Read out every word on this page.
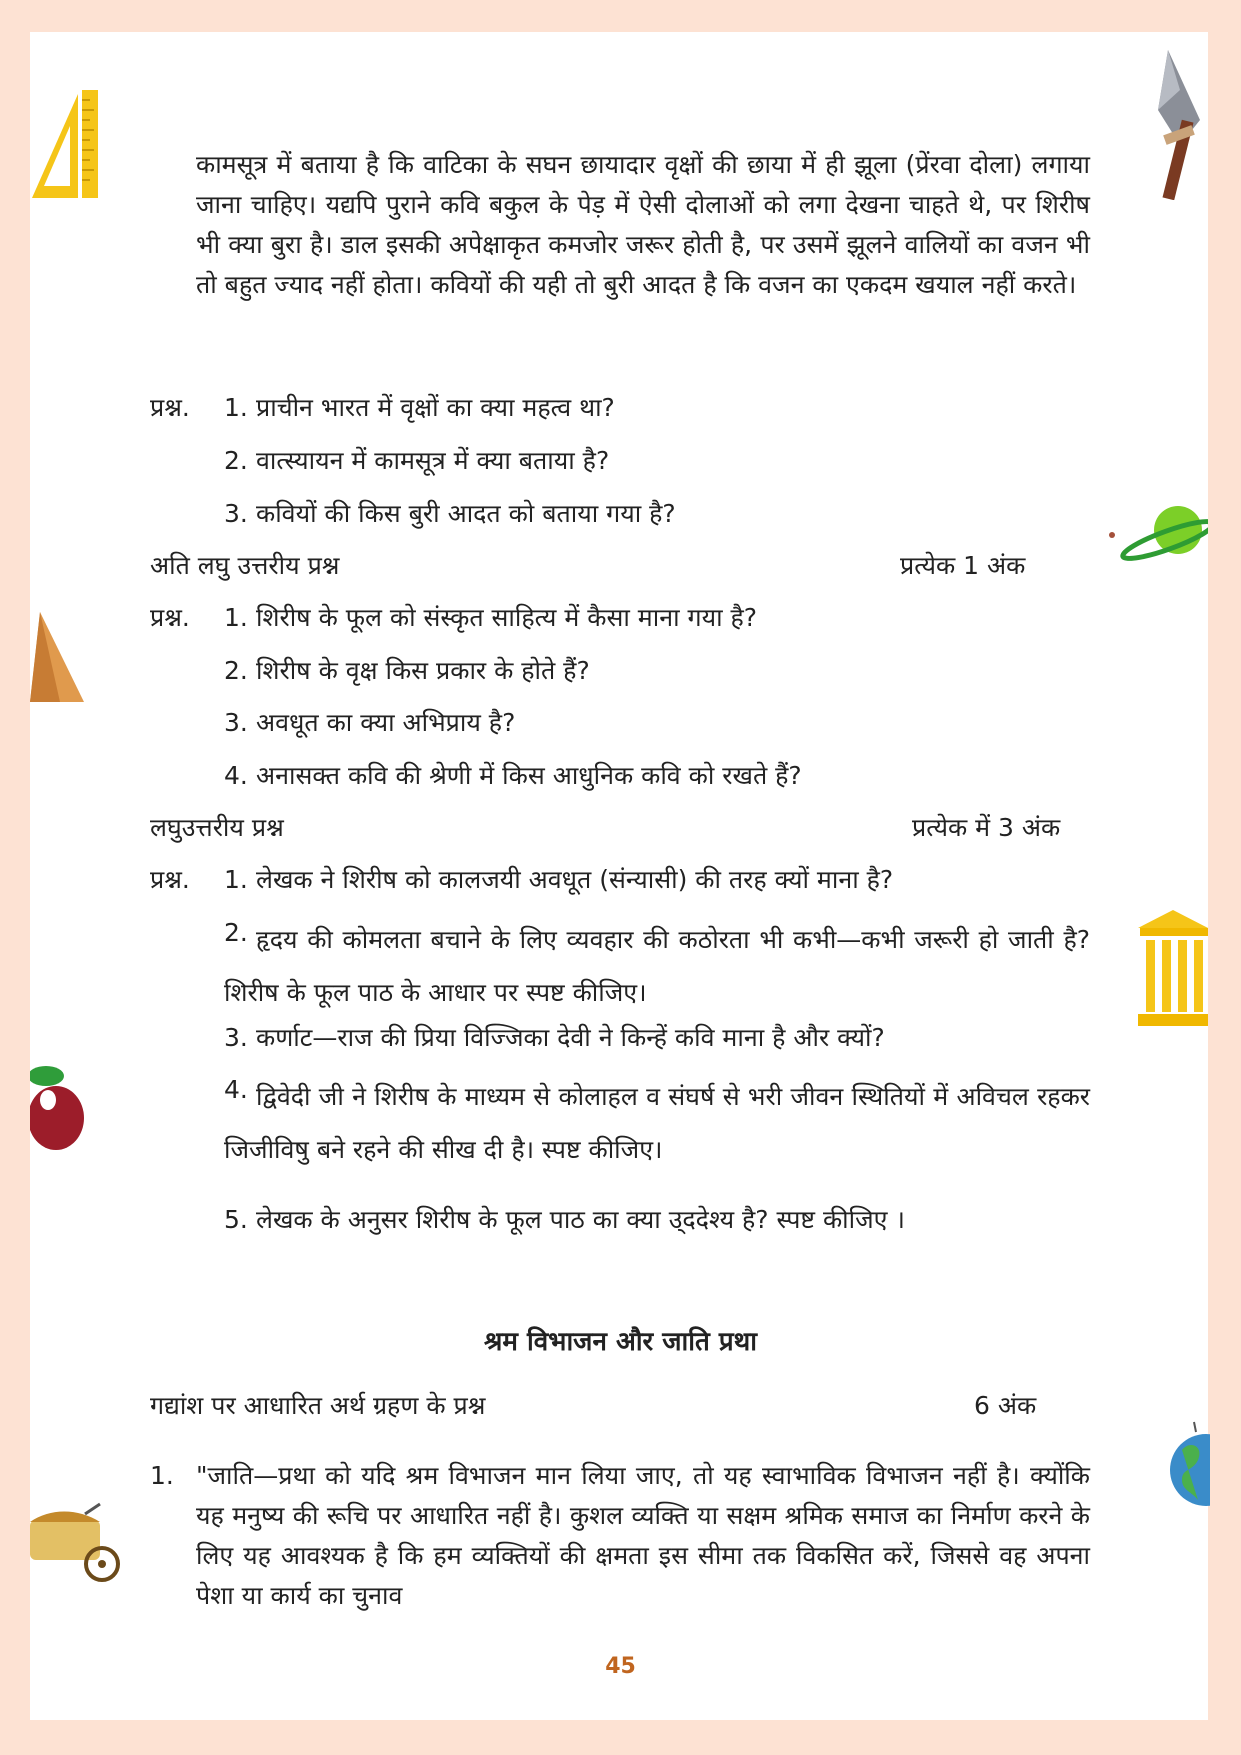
कामसूत्र में बताया है कि वाटिका के सघन छायादार वृक्षों की छाया में ही झूला (प्रेंरवा दोला) लगाया जाना चाहिए। यद्यपि पुराने कवि बकुल के पेड़ में ऐसी दोलाओं को लगा देखना चाहते थे, पर शिरीष भी क्या बुरा है। डाल इसकी अपेक्षाकृत कमजोर जरूर होती है, पर उसमें झूलने वालियों का वजन भी तो बहुत ज्याद नहीं होता। कवियों की यही तो बुरी आदत है कि वजन का एकदम खयाल नहीं करते।
प्रश्न. 1. प्राचीन भारत में वृक्षों का क्या महत्व था?
2. वात्स्यायन में कामसूत्र में क्या बताया है?
3. कवियों की किस बुरी आदत को बताया गया है?
अति लघु उत्तरीय प्रश्न	प्रत्येक 1 अंक
प्रश्न. 1. शिरीष के फूल को संस्कृत साहित्य में कैसा माना गया है?
2. शिरीष के वृक्ष किस प्रकार के होते हैं?
3. अवधूत का क्या अभिप्राय है?
4. अनासक्त कवि की श्रेणी में किस आधुनिक कवि को रखते हैं?
लघुउत्तरीय प्रश्न	प्रत्येक में 3 अंक
प्रश्न. 1. लेखक ने शिरीष को कालजयी अवधूत (संन्यासी) की तरह क्यों माना है?
2. हृदय की कोमलता बचाने के लिए व्यवहार की कठोरता भी कभी—कभी जरूरी हो जाती है? शिरीष के फूल पाठ के आधार पर स्पष्ट कीजिए।
3. कर्णाट—राज की प्रिया विज्जिका देवी ने किन्हें कवि माना है और क्यों?
4. द्विवेदी जी ने शिरीष के माध्यम से कोलाहल व संघर्ष से भरी जीवन स्थितियों में अविचल रहकर जिजीविषु बने रहने की सीख दी है। स्पष्ट कीजिए।
5. लेखक के अनुसर शिरीष के फूल पाठ का क्या उ्ददेश्य है? स्पष्ट कीजिए ।
श्रम विभाजन और जाति प्रथा
गद्यांश पर आधारित अर्थ ग्रहण के प्रश्न	6 अंक
1. "जाति—प्रथा को यदि श्रम विभाजन मान लिया जाए, तो यह स्वाभाविक विभाजन नहीं है। क्योंकि यह मनुष्य की रूचि पर आधारित नहीं है। कुशल व्यक्ति या सक्षम श्रमिक समाज का निर्माण करने के लिए यह आवश्यक है कि हम व्यक्तियों की क्षमता इस सीमा तक विकसित करें, जिससे वह अपना पेशा या कार्य का चुनाव
45
